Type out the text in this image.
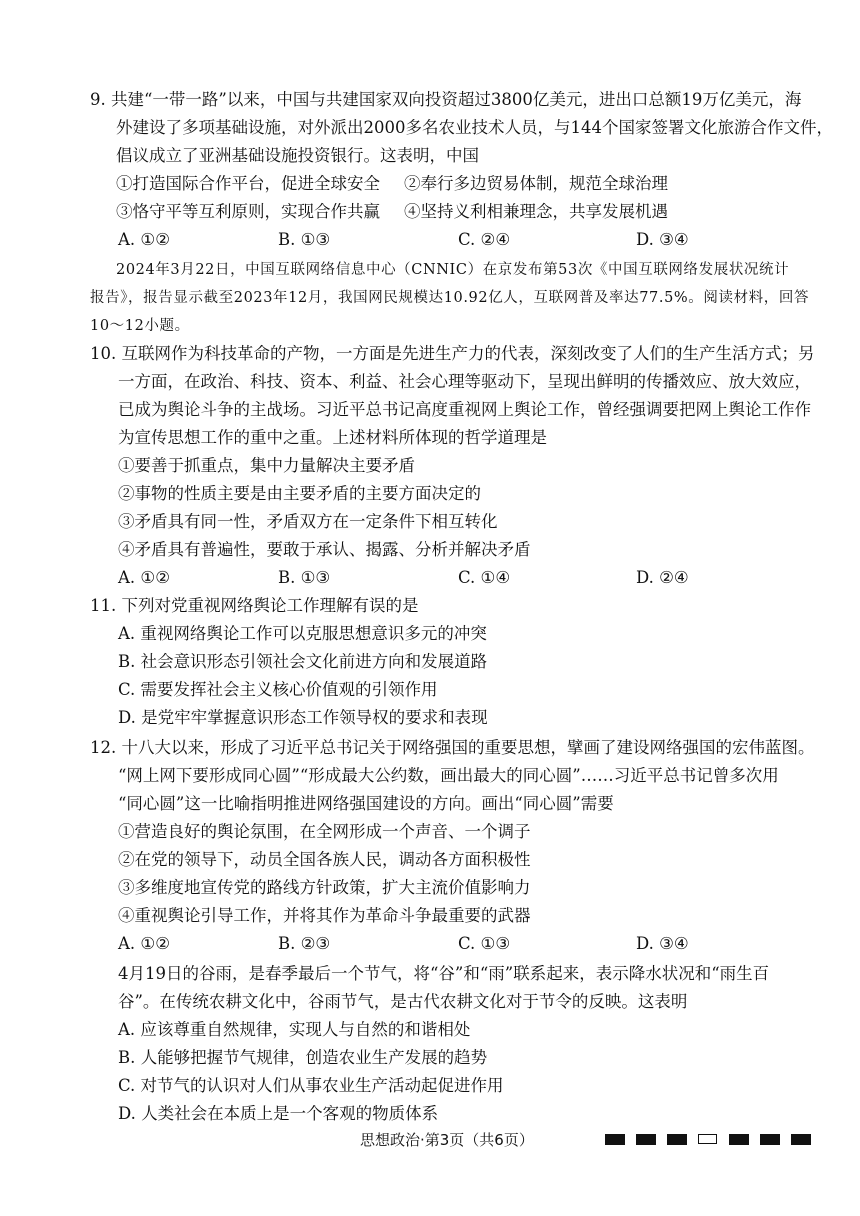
9. 共建“一带一路”以来，中国与共建国家双向投资超过3800亿美元，进出口总额19万亿美元，海
外建设了多项基础设施，对外派出2000多名农业技术人员，与144个国家签署文化旅游合作文件，
倡议成立了亚洲基础设施投资银行。这表明，中国
①打造国际合作平台，促进全球安全	②奉行多边贸易体制，规范全球治理
③恪守平等互利原则，实现合作共赢	④坚持义利相兼理念，共享发展机遇
A. ①②	B. ①③	C. ②④	D. ③④
2024年3月22日，中国互联网络信息中心（CNNIC）在京发布第53次《中国互联网络发展状况统计
报告》，报告显示截至2023年12月，我国网民规模达10.92亿人，互联网普及率达77.5%。阅读材料，回答
10～12小题。
10. 互联网作为科技革命的产物，一方面是先进生产力的代表，深刻改变了人们的生产生活方式；另
一方面，在政治、科技、资本、利益、社会心理等驱动下，呈现出鲜明的传播效应、放大效应，
已成为舆论斗争的主战场。习近平总书记高度重视网上舆论工作，曾经强调要把网上舆论工作作
为宣传思想工作的重中之重。上述材料所体现的哲学道理是
①要善于抓重点，集中力量解决主要矛盾
②事物的性质主要是由主要矛盾的主要方面决定的
③矛盾具有同一性，矛盾双方在一定条件下相互转化
④矛盾具有普遍性，要敢于承认、揭露、分析并解决矛盾
A. ①②	B. ①③	C. ①④	D. ②④
11. 下列对党重视网络舆论工作理解有误的是
A. 重视网络舆论工作可以克服思想意识多元的冲突
B. 社会意识形态引领社会文化前进方向和发展道路
C. 需要发挥社会主义核心价值观的引领作用
D. 是党牢牢掌握意识形态工作领导权的要求和表现
12. 十八大以来，形成了习近平总书记关于网络强国的重要思想，擘画了建设网络强国的宏伟蓝图。
“网上网下要形成同心圆”“形成最大公约数，画出最大的同心圆”……习近平总书记曾多次用
“同心圆”这一比喻指明推进网络强国建设的方向。画出“同心圆”需要
①营造良好的舆论氛围，在全网形成一个声音、一个调子
②在党的领导下，动员全国各族人民，调动各方面积极性
③多维度地宣传党的路线方针政策，扩大主流价值影响力
④重视舆论引导工作，并将其作为革命斗争最重要的武器
A. ①②	B. ②③	C. ①③	D. ③④
4月19日的谷雨，是春季最后一个节气，将“谷”和“雨”联系起来，表示降水状况和“雨生百
谷”。在传统农耕文化中，谷雨节气，是古代农耕文化对于节令的反映。这表明
A. 应该尊重自然规律，实现人与自然的和谐相处
B. 人能够把握节气规律，创造农业生产发展的趋势
C. 对节气的认识对人们从事农业生产活动起促进作用
D. 人类社会在本质上是一个客观的物质体系
思想政治·第3页（共6页）
